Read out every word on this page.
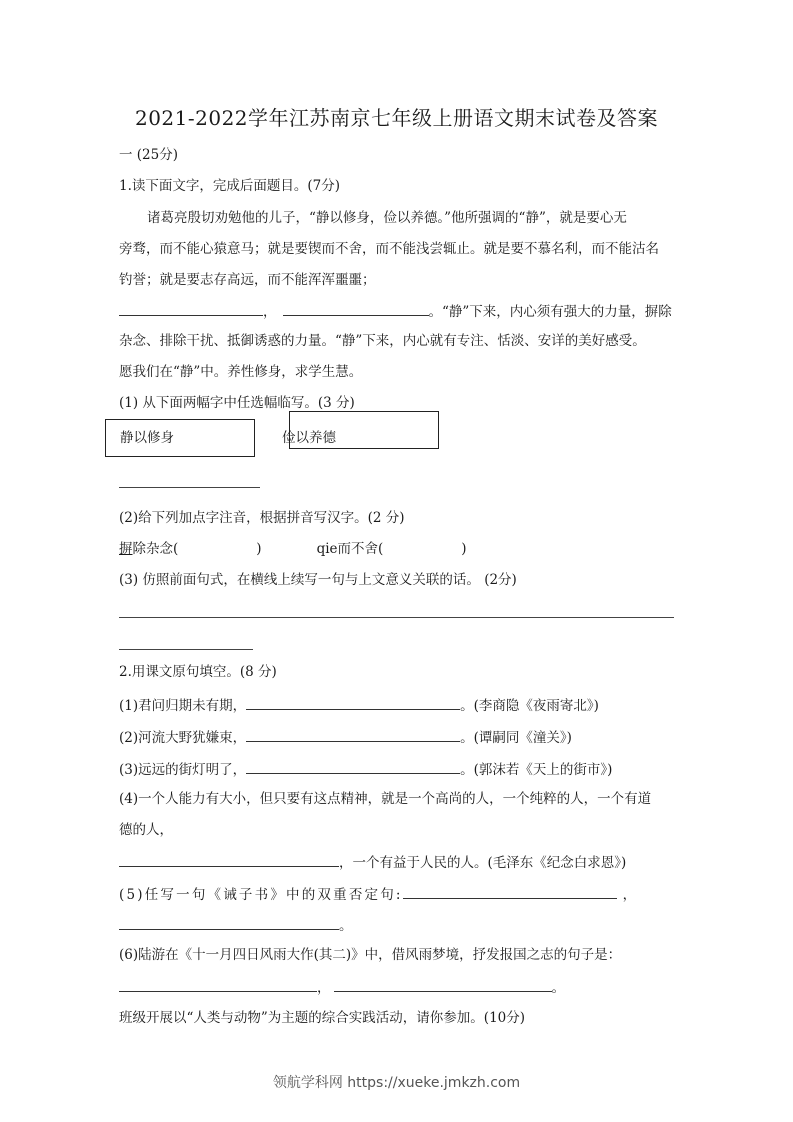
2021-2022学年江苏南京七年级上册语文期末试卷及答案
一 (25分)
1.读下面文字，完成后面题目。(7分)
诸葛亮殷切劝勉他的儿子，“静以修身，俭以养德。”他所强调的“静”，就是要心无
旁骛，而不能心猿意马；就是要锲而不舍，而不能浅尝辄止。就是要不慕名利，而不能沽名
钓誉；就是要志存高远，而不能浑浑噩噩；
，	。“静”下来，内心须有强大的力量，摒除
杂念、排除干扰、抵御诱惑的力量。“静”下来，内心就有专注、恬淡、安详的美好感受。
愿我们在“静”中。养性修身，求学生慧。
(1) 从下面两幅字中任选幅临写。(3 分)
静以修身	俭以养德
(2)给下列加点字注音，根据拼音写汉字。(2 分)
摒除杂念(	)	qie而不舍(	)
(3) 仿照前面句式，在横线上续写一句与上文意义关联的话。 (2分)
2.用课文原句填空。(8 分)
(1)君问归期未有期，	。(李商隐《夜雨寄北》)
(2)河流大野犹嫌束，	。(谭嗣同《潼关》)
(3)远远的街灯明了，	。(郭沫若《天上的街市》)
(4)一个人能力有大小，但只要有这点精神，就是一个高尚的人，一个纯粹的人，一个有道
德的人，
，一个有益于人民的人。(毛泽东《纪念白求恩》)
(5)任写一句《诫子书》中的双重否定句:	，
。
(6)陆游在《十一月四日风雨大作(其二)》中，借风雨梦境，抒发报国之志的句子是：
，	。
班级开展以“人类与动物”为主题的综合实践活动，请你参加。(10分)
领航学科网 https://xueke.jmkzh.com
